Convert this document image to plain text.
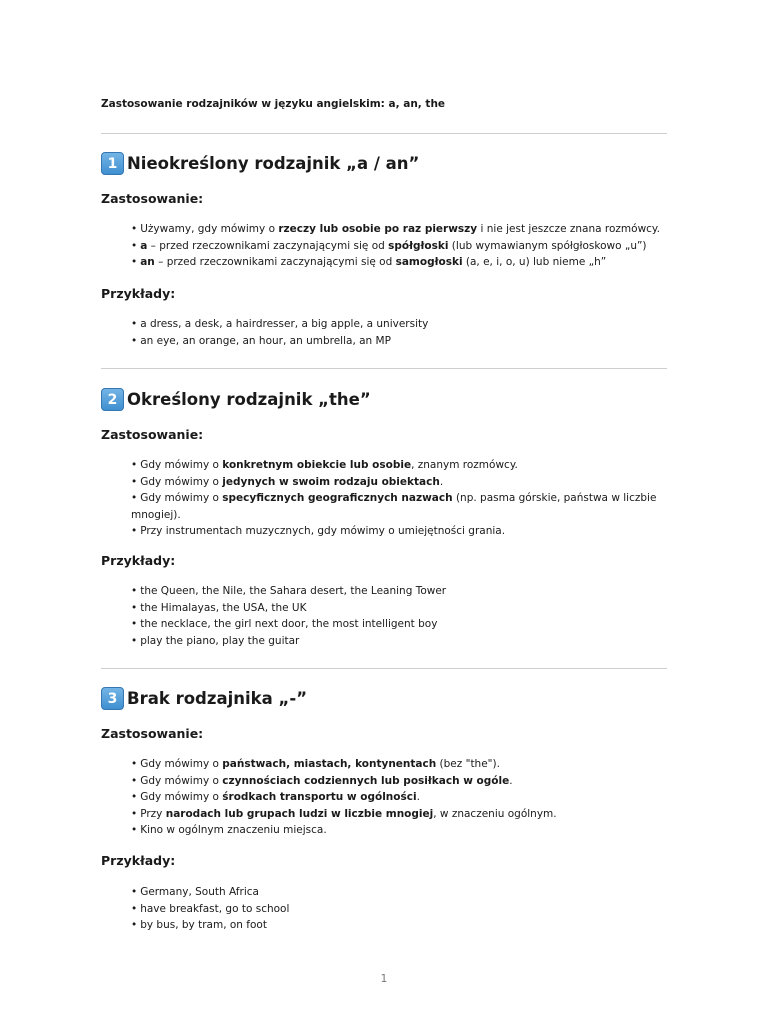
Zastosowanie rodzajników w języku angielskim: a, an, the
1 Nieokreślony rodzajnik „a / an”
Zastosowanie:
• Używamy, gdy mówimy o rzeczy lub osobie po raz pierwszy i nie jest jeszcze znana rozmówcy.
• a – przed rzeczownikami zaczynającymi się od spółgłoski (lub wymawianym spółgłoskowo „u”)
• an – przed rzeczownikami zaczynającymi się od samogłoski (a, e, i, o, u) lub nieme „h”
Przykłady:
• a dress, a desk, a hairdresser, a big apple, a university
• an eye, an orange, an hour, an umbrella, an MP
2 Określony rodzajnik „the”
Zastosowanie:
• Gdy mówimy o konkretnym obiekcie lub osobie, znanym rozmówcy.
• Gdy mówimy o jedynych w swoim rodzaju obiektach.
• Gdy mówimy o specyficznych geograficznych nazwach (np. pasma górskie, państwa w liczbie mnogiej).
• Przy instrumentach muzycznych, gdy mówimy o umiejętności grania.
Przykłady:
• the Queen, the Nile, the Sahara desert, the Leaning Tower
• the Himalayas, the USA, the UK
• the necklace, the girl next door, the most intelligent boy
• play the piano, play the guitar
3 Brak rodzajnika „-”
Zastosowanie:
• Gdy mówimy o państwach, miastach, kontynentach (bez "the").
• Gdy mówimy o czynnościach codziennych lub posiłkach w ogóle.
• Gdy mówimy o środkach transportu w ogólności.
• Przy narodach lub grupach ludzi w liczbie mnogiej, w znaczeniu ogólnym.
• Kino w ogólnym znaczeniu miejsca.
Przykłady:
• Germany, South Africa
• have breakfast, go to school
• by bus, by tram, on foot
1
